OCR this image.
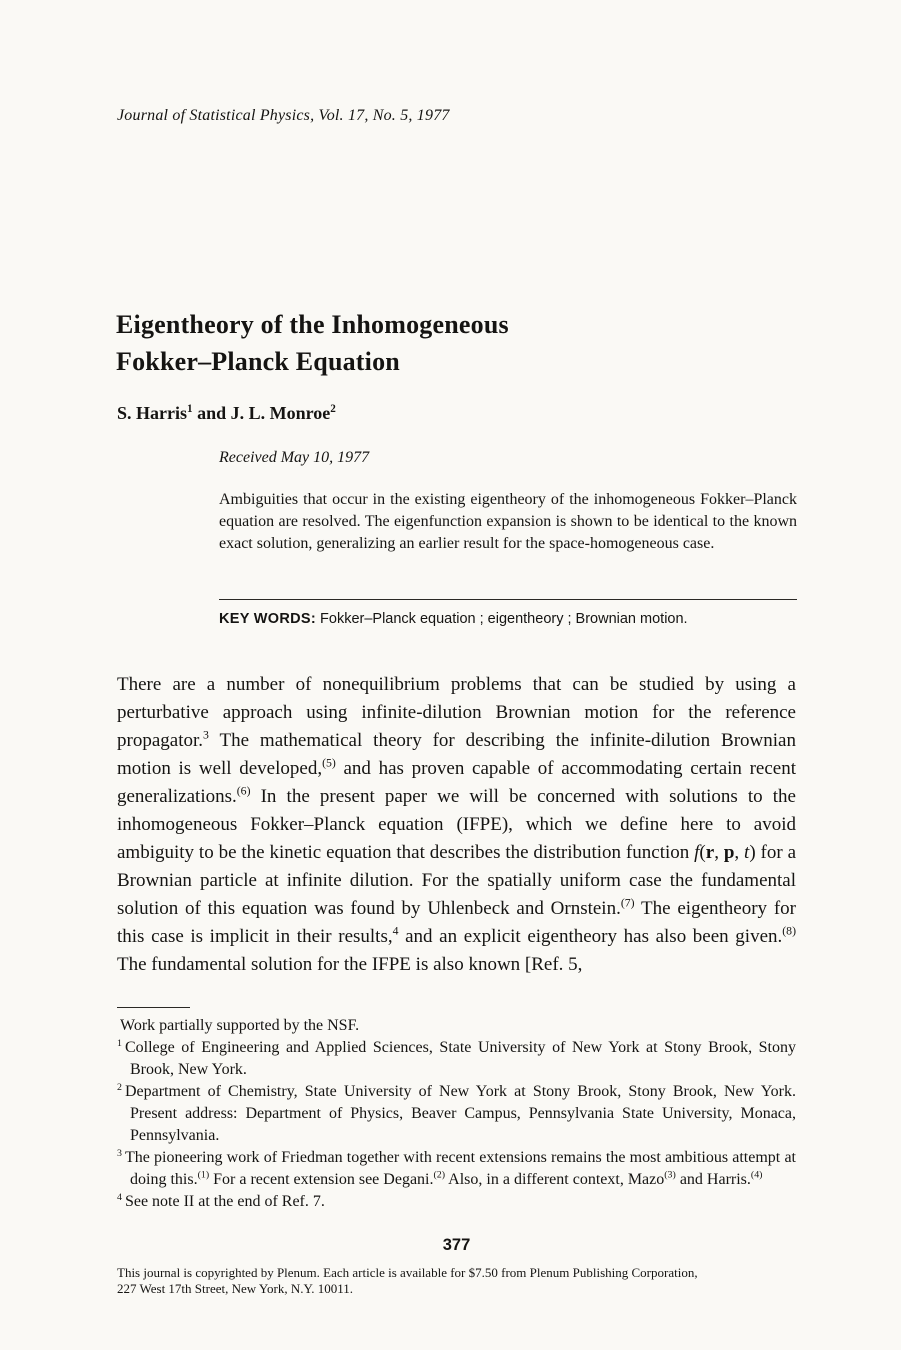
Journal of Statistical Physics, Vol. 17, No. 5, 1977
Eigentheory of the Inhomogeneous
Fokker–Planck Equation
S. Harris$^1$ and J. L. Monroe$^2$
Received May 10, 1977
Ambiguities that occur in the existing eigentheory of the inhomogeneous Fokker–Planck equation are resolved. The eigenfunction expansion is shown to be identical to the known exact solution, generalizing an earlier result for the space-homogeneous case.
KEY WORDS: Fokker–Planck equation ; eigentheory ; Brownian motion.
There are a number of nonequilibrium problems that can be studied by using a perturbative approach using infinite-dilution Brownian motion for the reference propagator.$^3$ The mathematical theory for describing the infinite-dilution Brownian motion is well developed,$^{(5)}$ and has proven capable of accommodating certain recent generalizations.$^{(6)}$ In the present paper we will be concerned with solutions to the inhomogeneous Fokker–Planck equation (IFPE), which we define here to avoid ambiguity to be the kinetic equation that describes the distribution function f(r, p, t) for a Brownian particle at infinite dilution. For the spatially uniform case the fundamental solution of this equation was found by Uhlenbeck and Ornstein.$^{(7)}$ The eigentheory for this case is implicit in their results,$^4$ and an explicit eigentheory has also been given.$^{(8)}$ The fundamental solution for the IFPE is also known [Ref. 5,
Work partially supported by the NSF.
$^1$ College of Engineering and Applied Sciences, State University of New York at Stony Brook, Stony Brook, New York.
$^2$ Department of Chemistry, State University of New York at Stony Brook, Stony Brook, New York. Present address: Department of Physics, Beaver Campus, Pennsylvania State University, Monaca, Pennsylvania.
$^3$ The pioneering work of Friedman together with recent extensions remains the most ambitious attempt at doing this.$^{(1)}$ For a recent extension see Degani.$^{(2)}$ Also, in a different context, Mazo$^{(3)}$ and Harris.$^{(4)}$
$^4$ See note II at the end of Ref. 7.
377
This journal is copyrighted by Plenum. Each article is available for $7.50 from Plenum Publishing Corporation,
227 West 17th Street, New York, N.Y. 10011.
